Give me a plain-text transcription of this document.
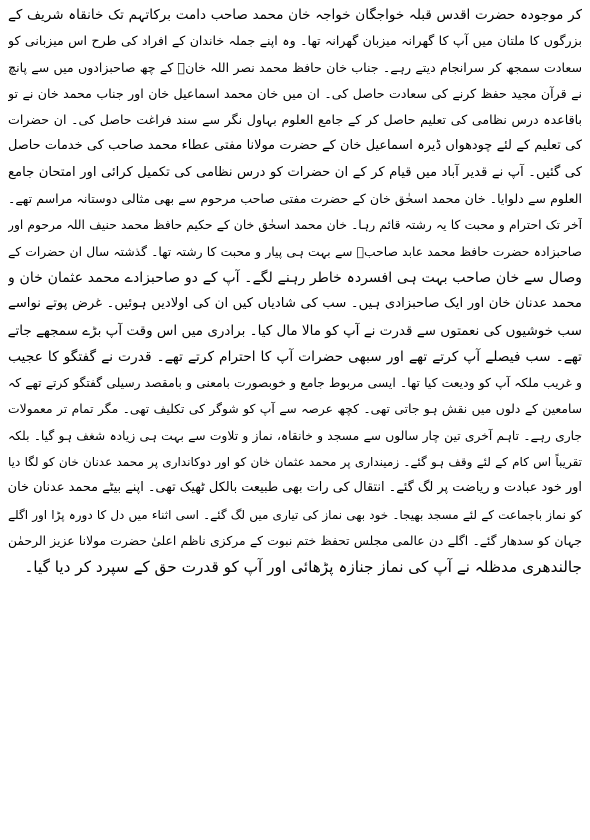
کر موجودہ حضرت اقدس قبلہ خواجگان خواجہ خان محمد صاحب دامت برکاتہم تک خانقاہ شریف کے
بزرگوں کا ملتان میں آپ کا گھرانہ میزبان گھرانہ تھا۔ وہ اپنے جملہ خاندان کے افراد کی طرح اس میزبانی کو
سعادت سمجھ کر سرانجام دیتے رہے۔ جناب خان حافظ محمد نصر اللہ خانؒ کے چھ صاحبزادوں میں سے پانچ
نے قرآن مجید حفظ کرنے کی سعادت حاصل کی۔ ان میں خان محمد اسماعیل خان اور جناب محمد خان نے تو
باقاعدہ درس نظامی کی تعلیم حاصل کر کے جامع العلوم بہاول نگر سے سند فراغت حاصل کی۔ ان حضرات
کی تعلیم کے لئے چودھواں ڈیرہ اسماعیل خان کے حضرت مولانا مفتی عطاء محمد صاحب کی خدمات حاصل
کی گئیں۔ آپ نے قدیر آباد میں قیام کر کے ان حضرات کو درس نظامی کی تکمیل کرائی اور امتحان جامع
العلوم سے دلوایا۔ خان محمد اسحٰق خان کے حضرت مفتی صاحب مرحوم سے بھی مثالی دوستانہ مراسم تھے۔
آخر تک احترام و محبت کا یہ رشتہ قائم رہا۔ خان محمد اسحٰق خان کے حکیم حافظ محمد حنیف اللہ مرحوم اور
صاحبزادہ حضرت حافظ محمد عابد صاحبؒ سے بہت ہی پیار و محبت کا رشتہ تھا۔ گذشتہ سال ان حضرات کے
وصال سے خان صاحب بہت ہی افسردہ خاطر رہنے لگے۔ آپ کے دو صاحبزادے محمد عثمان خان و
محمد عدنان خان اور ایک صاحبزادی ہیں۔ سب کی شادیاں کیں ان کی اولادیں ہوئیں۔ غرض پوتے نواسے
سب خوشیوں کی نعمتوں سے قدرت نے آپ کو مالا مال کیا۔ برادری میں اس وقت آپ بڑے سمجھے جاتے
تھے۔ سب فیصلے آپ کرتے تھے اور سبھی حضرات آپ کا احترام کرتے تھے۔ قدرت نے گفتگو کا عجیب
و غریب ملکہ آپ کو ودیعت کیا تھا۔ ایسی مربوط جامع و خوبصورت بامعنی و بامقصد رسیلی گفتگو کرتے تھے کہ
سامعین کے دلوں میں نقش ہو جاتی تھی۔ کچھ عرصہ سے آپ کو شوگر کی تکلیف تھی۔ مگر تمام تر معمولات
جاری رہے۔ تاہم آخری تین چار سالوں سے مسجد و خانقاہ، نماز و تلاوت سے بہت ہی زیادہ شغف ہو گیا۔ بلکہ
تقریباً اس کام کے لئے وقف ہو گئے۔ زمینداری پر محمد عثمان خان کو اور دوکانداری پر محمد عدنان خان کو لگا دیا
اور خود عبادت و ریاضت پر لگ گئے۔ انتقال کی رات بھی طبیعت بالکل ٹھیک تھی۔ اپنے بیٹے محمد عدنان خان
کو نماز باجماعت کے لئے مسجد بھیجا۔ خود بھی نماز کی تیاری میں لگ گئے۔ اسی اثناء میں دل کا دورہ پڑا اور اگلے
جہان کو سدھار گئے۔ اگلے دن عالمی مجلس تحفظ ختم نبوت کے مرکزی ناظم اعلیٰ حضرت مولانا عزیز الرحمٰن
جالندھری مدظلہ نے آپ کی نماز جنازہ پڑھائی اور آپ کو قدرت حق کے سپرد کر دیا گیا۔
